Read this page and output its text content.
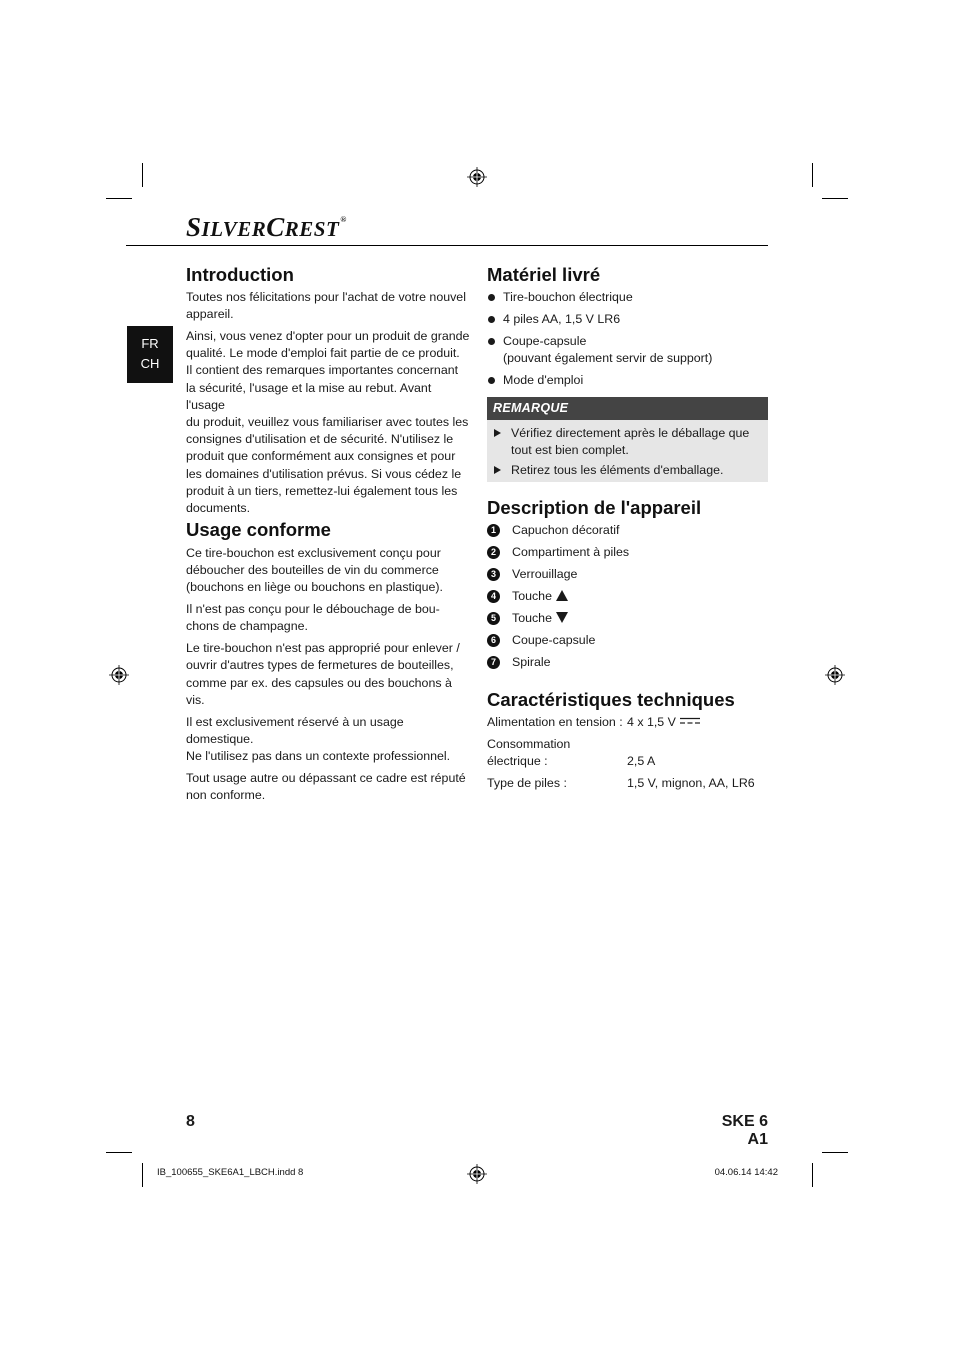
SILVERCREST®
FR
CH
Introduction

Toutes nos félicitations pour l'achat de votre nouvel appareil.

Ainsi, vous venez d'opter pour un produit de grande
qualité. Le mode d'emploi fait partie de ce produit.
Il contient des remarques importantes concernant
la sécurité, l'usage et la mise au rebut. Avant l'usage
du produit, veuillez vous familiariser avec toutes les
consignes d'utilisation et de sécurité. N'utilisez le
produit que conformément aux consignes et pour
les domaines d'utilisation prévus. Si vous cédez le
produit à un tiers, remettez-lui également tous les
documents.

Usage conforme

Ce tire-bouchon est exclusivement conçu pour
déboucher des bouteilles de vin du commerce
(bouchons en liège ou bouchons en plastique).

Il n'est pas conçu pour le débouchage de bou-
chons de champagne.

Le tire-bouchon n'est pas approprié pour enlever /
ouvrir d'autres types de fermetures de bouteilles,
comme par ex. des capsules ou des bouchons à vis.

Il est exclusivement réservé à un usage domestique.
Ne l'utilisez pas dans un contexte professionnel.

Tout usage autre ou dépassant ce cadre est réputé
non conforme.

Matériel livré
Tire-bouchon électrique
4 piles AA, 1,5 V LR6
Coupe-capsule
(pouvant également servir de support)
Mode d'emploi
REMARQUE
Vérifiez directement après le déballage que
tout est bien complet.
Retirez tous les éléments d'emballage.
Description de l'appareil
1	Capuchon décoratif
2	Compartiment à piles
3	Verrouillage
4	Touche
5	Touche
6	Coupe-capsule
7	Spirale
Caractéristiques techniques
Alimentation en tension : 4 x 1,5 V
Consommation
électrique :	2,5 A
Type de piles :	1,5 V, mignon, AA, LR6
8	SKE 6 A1
IB_100655_SKE6A1_LBCH.indd 8	04.06.14 14:42
